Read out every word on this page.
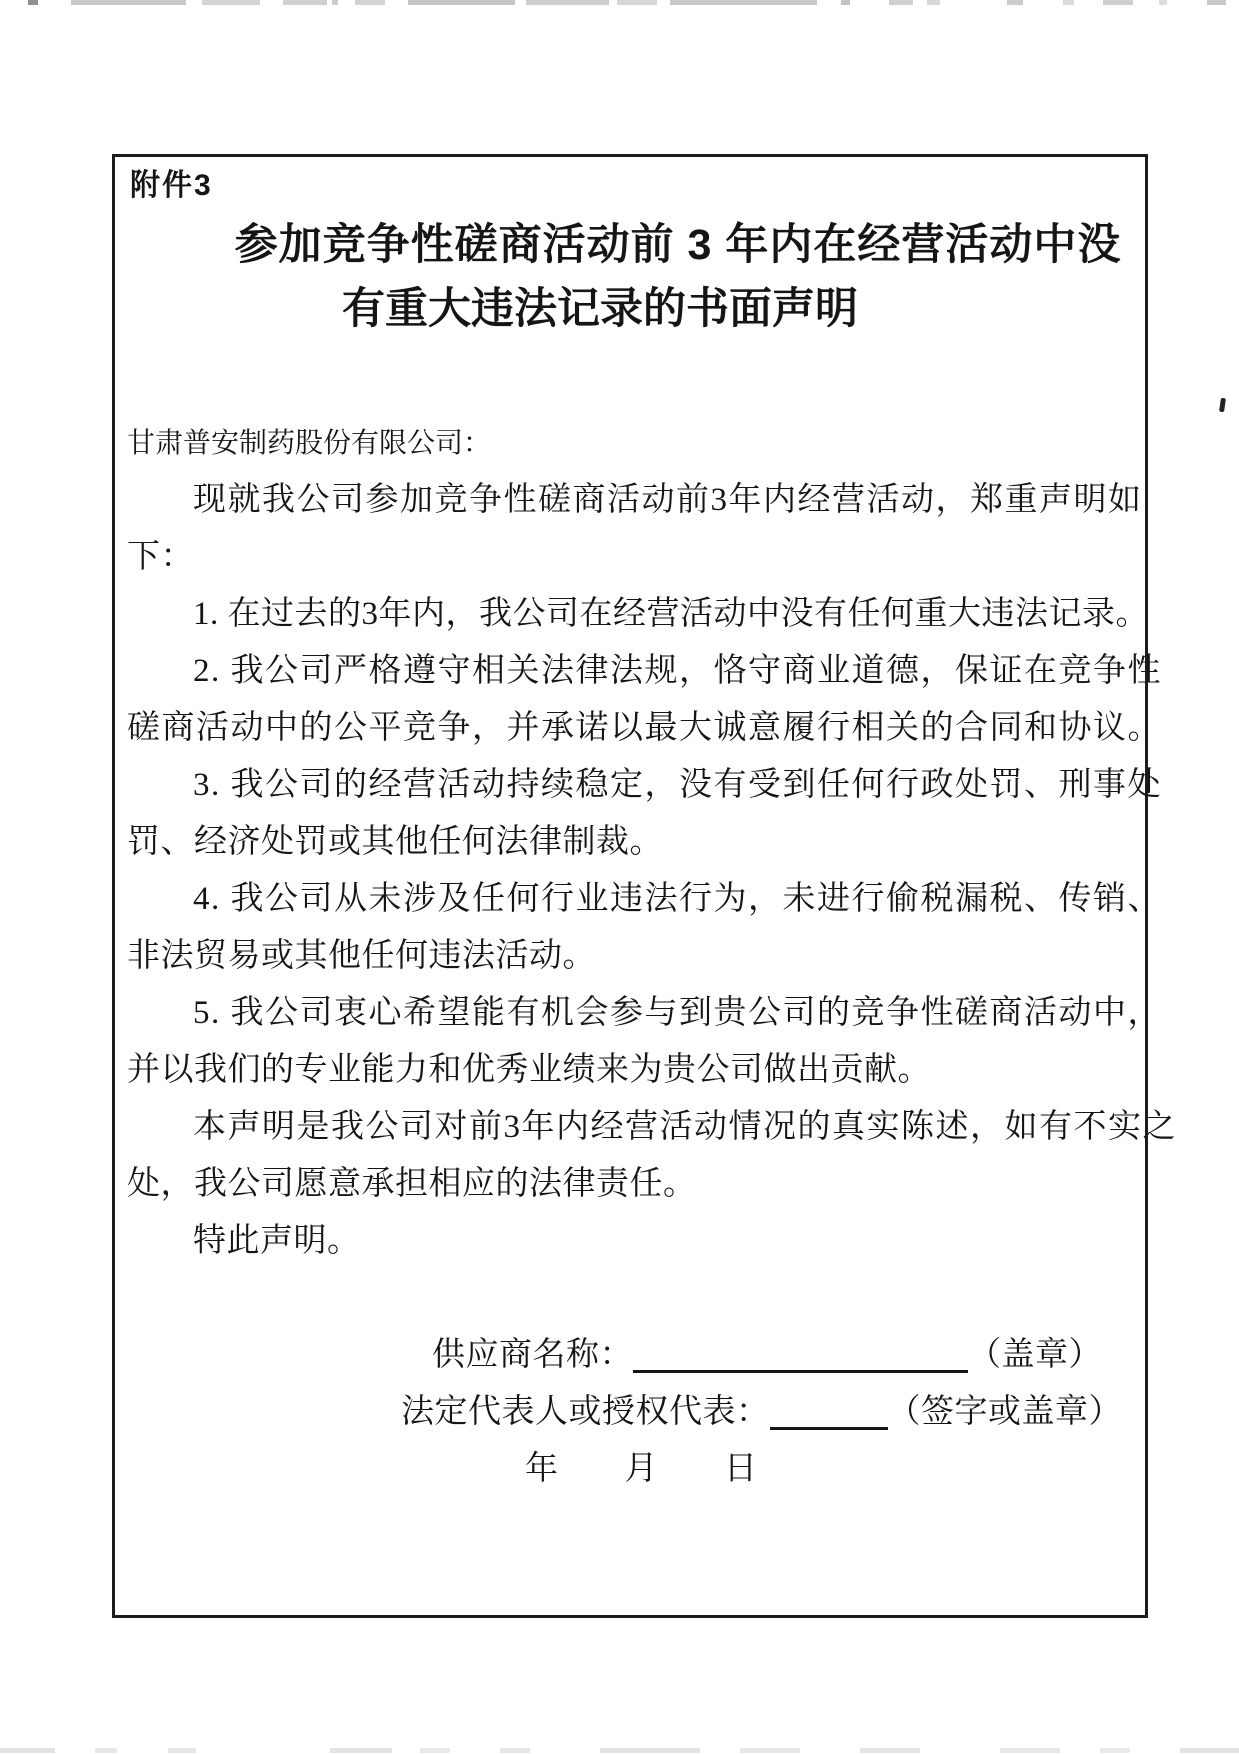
附件3
参加竞争性磋商活动前 3 年内在经营活动中没
有重大违法记录的书面声明
甘肃普安制药股份有限公司：
现就我公司参加竞争性磋商活动前3年内经营活动，郑重声明如
下：
1. 在过去的3年内，我公司在经营活动中没有任何重大违法记录。
2. 我公司严格遵守相关法律法规，恪守商业道德，保证在竞争性
磋商活动中的公平竞争，并承诺以最大诚意履行相关的合同和协议。
3. 我公司的经营活动持续稳定，没有受到任何行政处罚、刑事处
罚、经济处罚或其他任何法律制裁。
4. 我公司从未涉及任何行业违法行为，未进行偷税漏税、传销、
非法贸易或其他任何违法活动。
5. 我公司衷心希望能有机会参与到贵公司的竞争性磋商活动中，
并以我们的专业能力和优秀业绩来为贵公司做出贡献。
本声明是我公司对前3年内经营活动情况的真实陈述，如有不实之
处，我公司愿意承担相应的法律责任。
特此声明。
供应商名称：	（盖章）
法定代表人或授权代表：	（签字或盖章）
年 月 日
